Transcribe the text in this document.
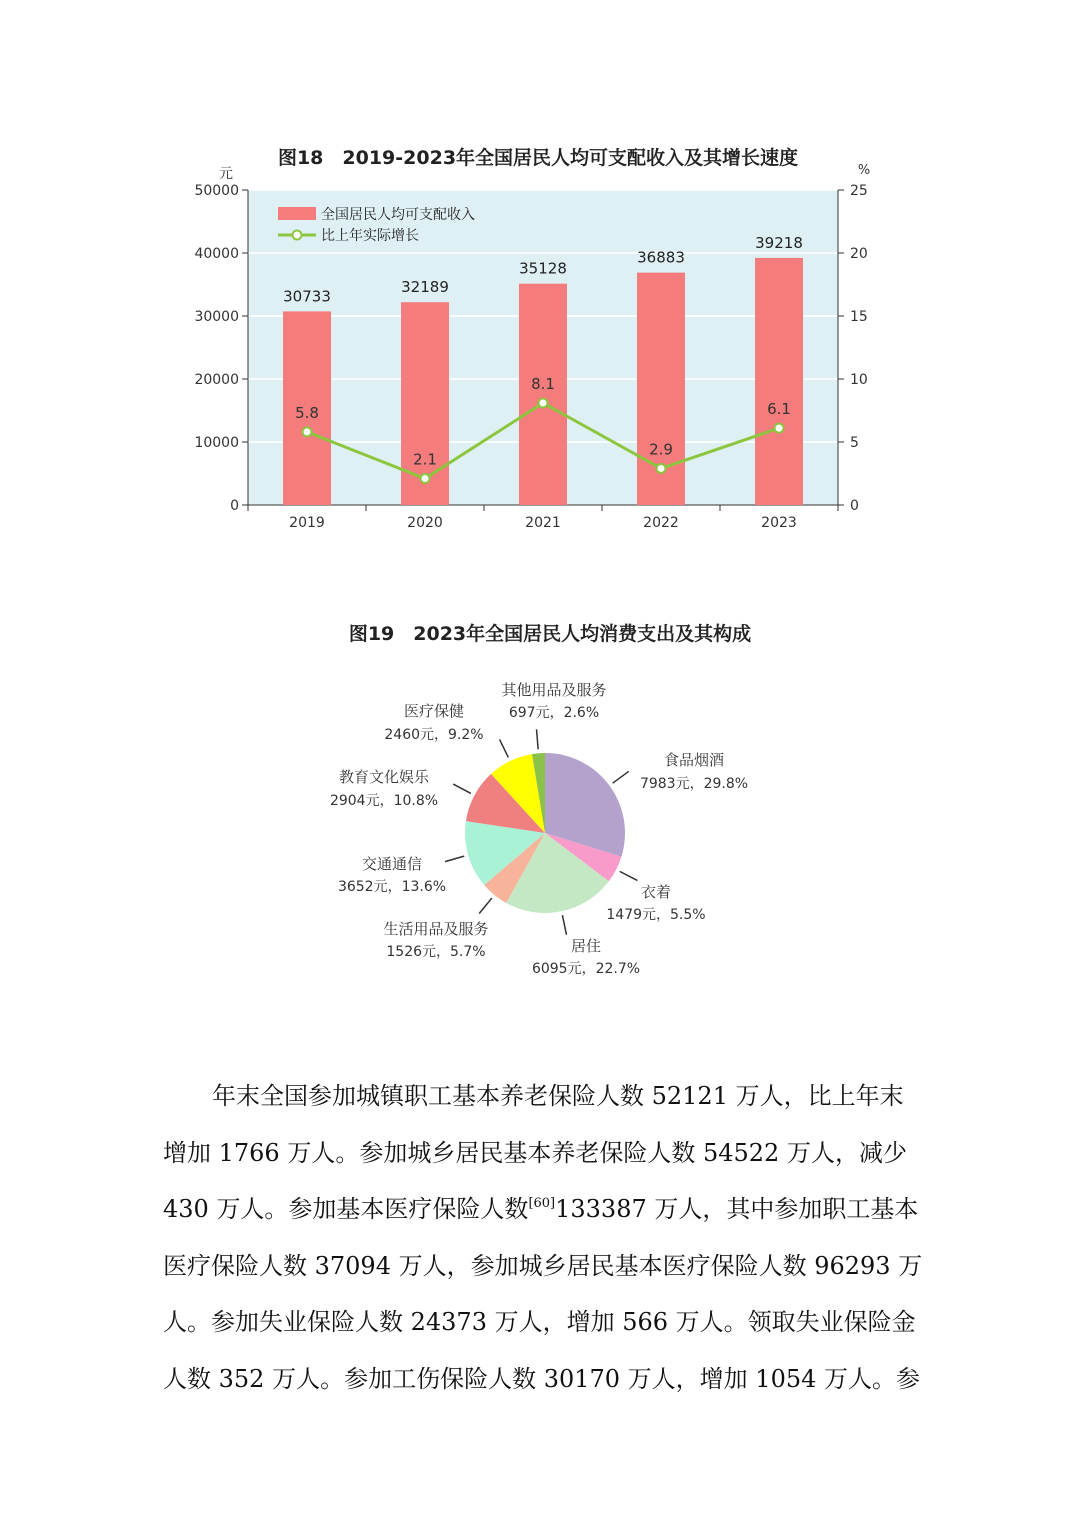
图18　2019-2023年全国居民人均可支配收入及其增长速度
0
10000
20000
30000
40000
50000
0
5
10
15
20
25
元	%
30733
32189
35128
36883
39218
2019	2020	2021	2022	2023
5.8
2.1
8.1
2.9
6.1
全国居民人均可支配收入
比上年实际增长
图19　2023年全国居民人均消费支出及其构成
食品烟酒
7983元，29.8%
衣着
1479元，5.5%
居住
6095元，22.7%
生活用品及服务
1526元，5.7%
交通通信
3652元，13.6%
教育文化娱乐
2904元，10.8%
医疗保健
2460元，9.2%
其他用品及服务
697元，2.6%
年末全国参加城镇职工基本养老保险人数 52121 万人，比上年末
增加 1766 万人。参加城乡居民基本养老保险人数 54522 万人，减少
430 万人。参加基本医疗保险人数[60]133387 万人，其中参加职工基本
医疗保险人数 37094 万人，参加城乡居民基本医疗保险人数 96293 万
人。参加失业保险人数 24373 万人，增加 566 万人。领取失业保险金
人数 352 万人。参加工伤保险人数 30170 万人，增加 1054 万人。参
